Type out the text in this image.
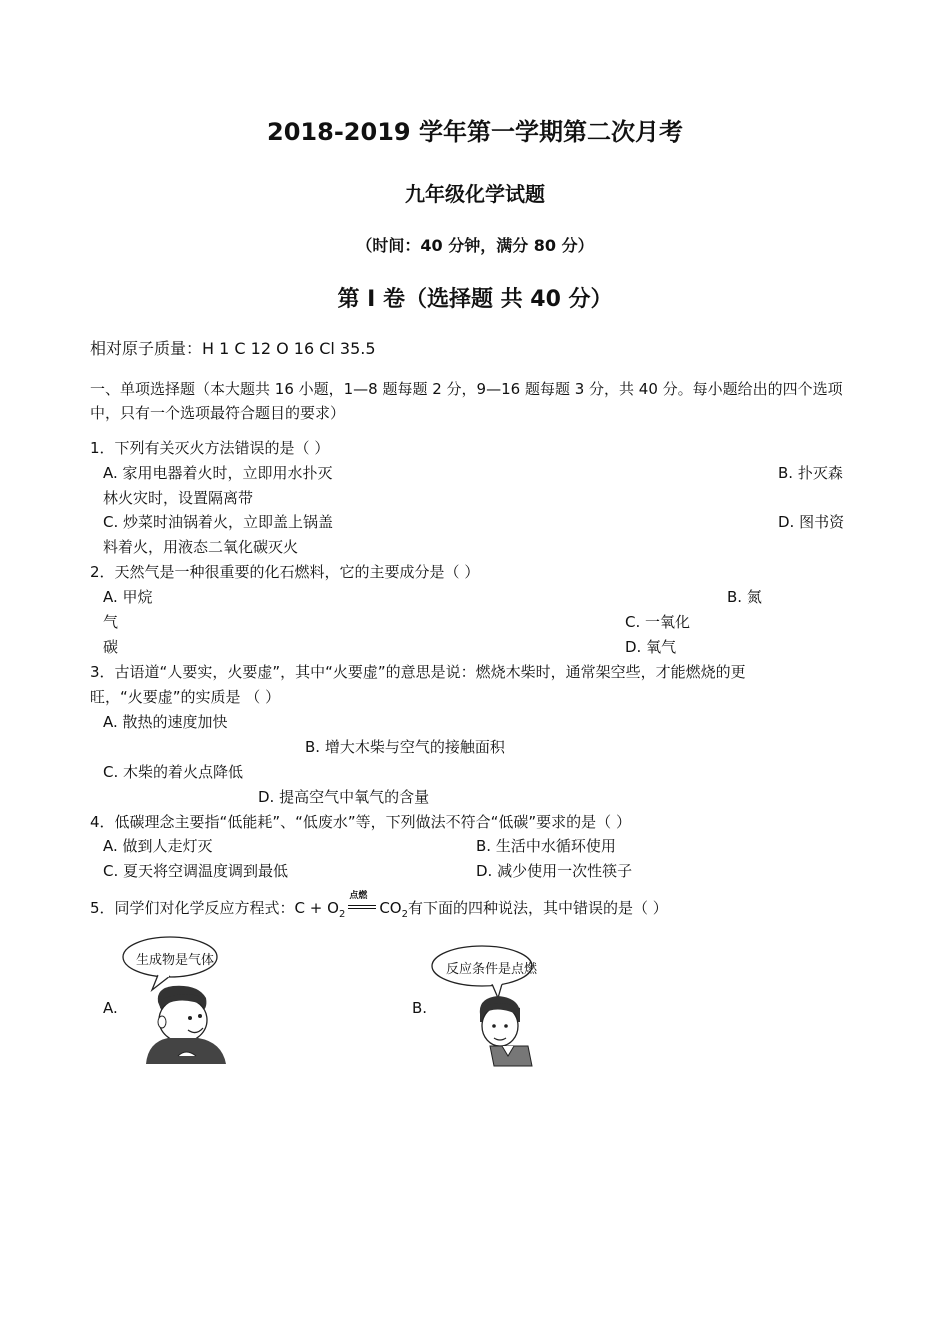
2018-2019 学年第一学期第二次月考
九年级化学试题
（时间：40 分钟，满分 80 分）
第 I 卷（选择题 共 40 分）
相对原子质量：H 1 C 12 O 16 Cl 35.5
一、单项选择题（本大题共 16 小题，1—8 题每题 2 分，9—16 题每题 3 分，共 40 分。每小题给出的四个选项中，只有一个选项最符合题目的要求）
1．下列有关灭火方法错误的是（ ）
A. 家用电器着火时，立即用水扑灭	B. 扑灭森
林火灾时，设置隔离带
C. 炒菜时油锅着火，立即盖上锅盖	D. 图书资
料着火，用液态二氧化碳灭火
2．天然气是一种很重要的化石燃料，它的主要成分是（ ）
A. 甲烷	B. 氮
气	C. 一氧化
碳	D. 氧气
3．古语道“人要实，火要虚”，其中“火要虚”的意思是说：燃烧木柴时，通常架空些，才能燃烧的更
旺，“火要虚”的实质是 （ ）
A. 散热的速度加快
B. 增大木柴与空气的接触面积
C. 木柴的着火点降低
D. 提高空气中氧气的含量
4．低碳理念主要指“低能耗”、“低废水”等，下列做法不符合“低碳”要求的是（ ）
A. 做到人走灯灭	B. 生活中水循环使用
C. 夏天将空调温度调到最低	D. 减少使用一次性筷子
5．同学们对化学反应方程式：$C + O_2$
点燃
$CO_2$有下面的四种说法，其中错误的是（ ）
A.	B.
生成物是气体
反应条件是点燃
